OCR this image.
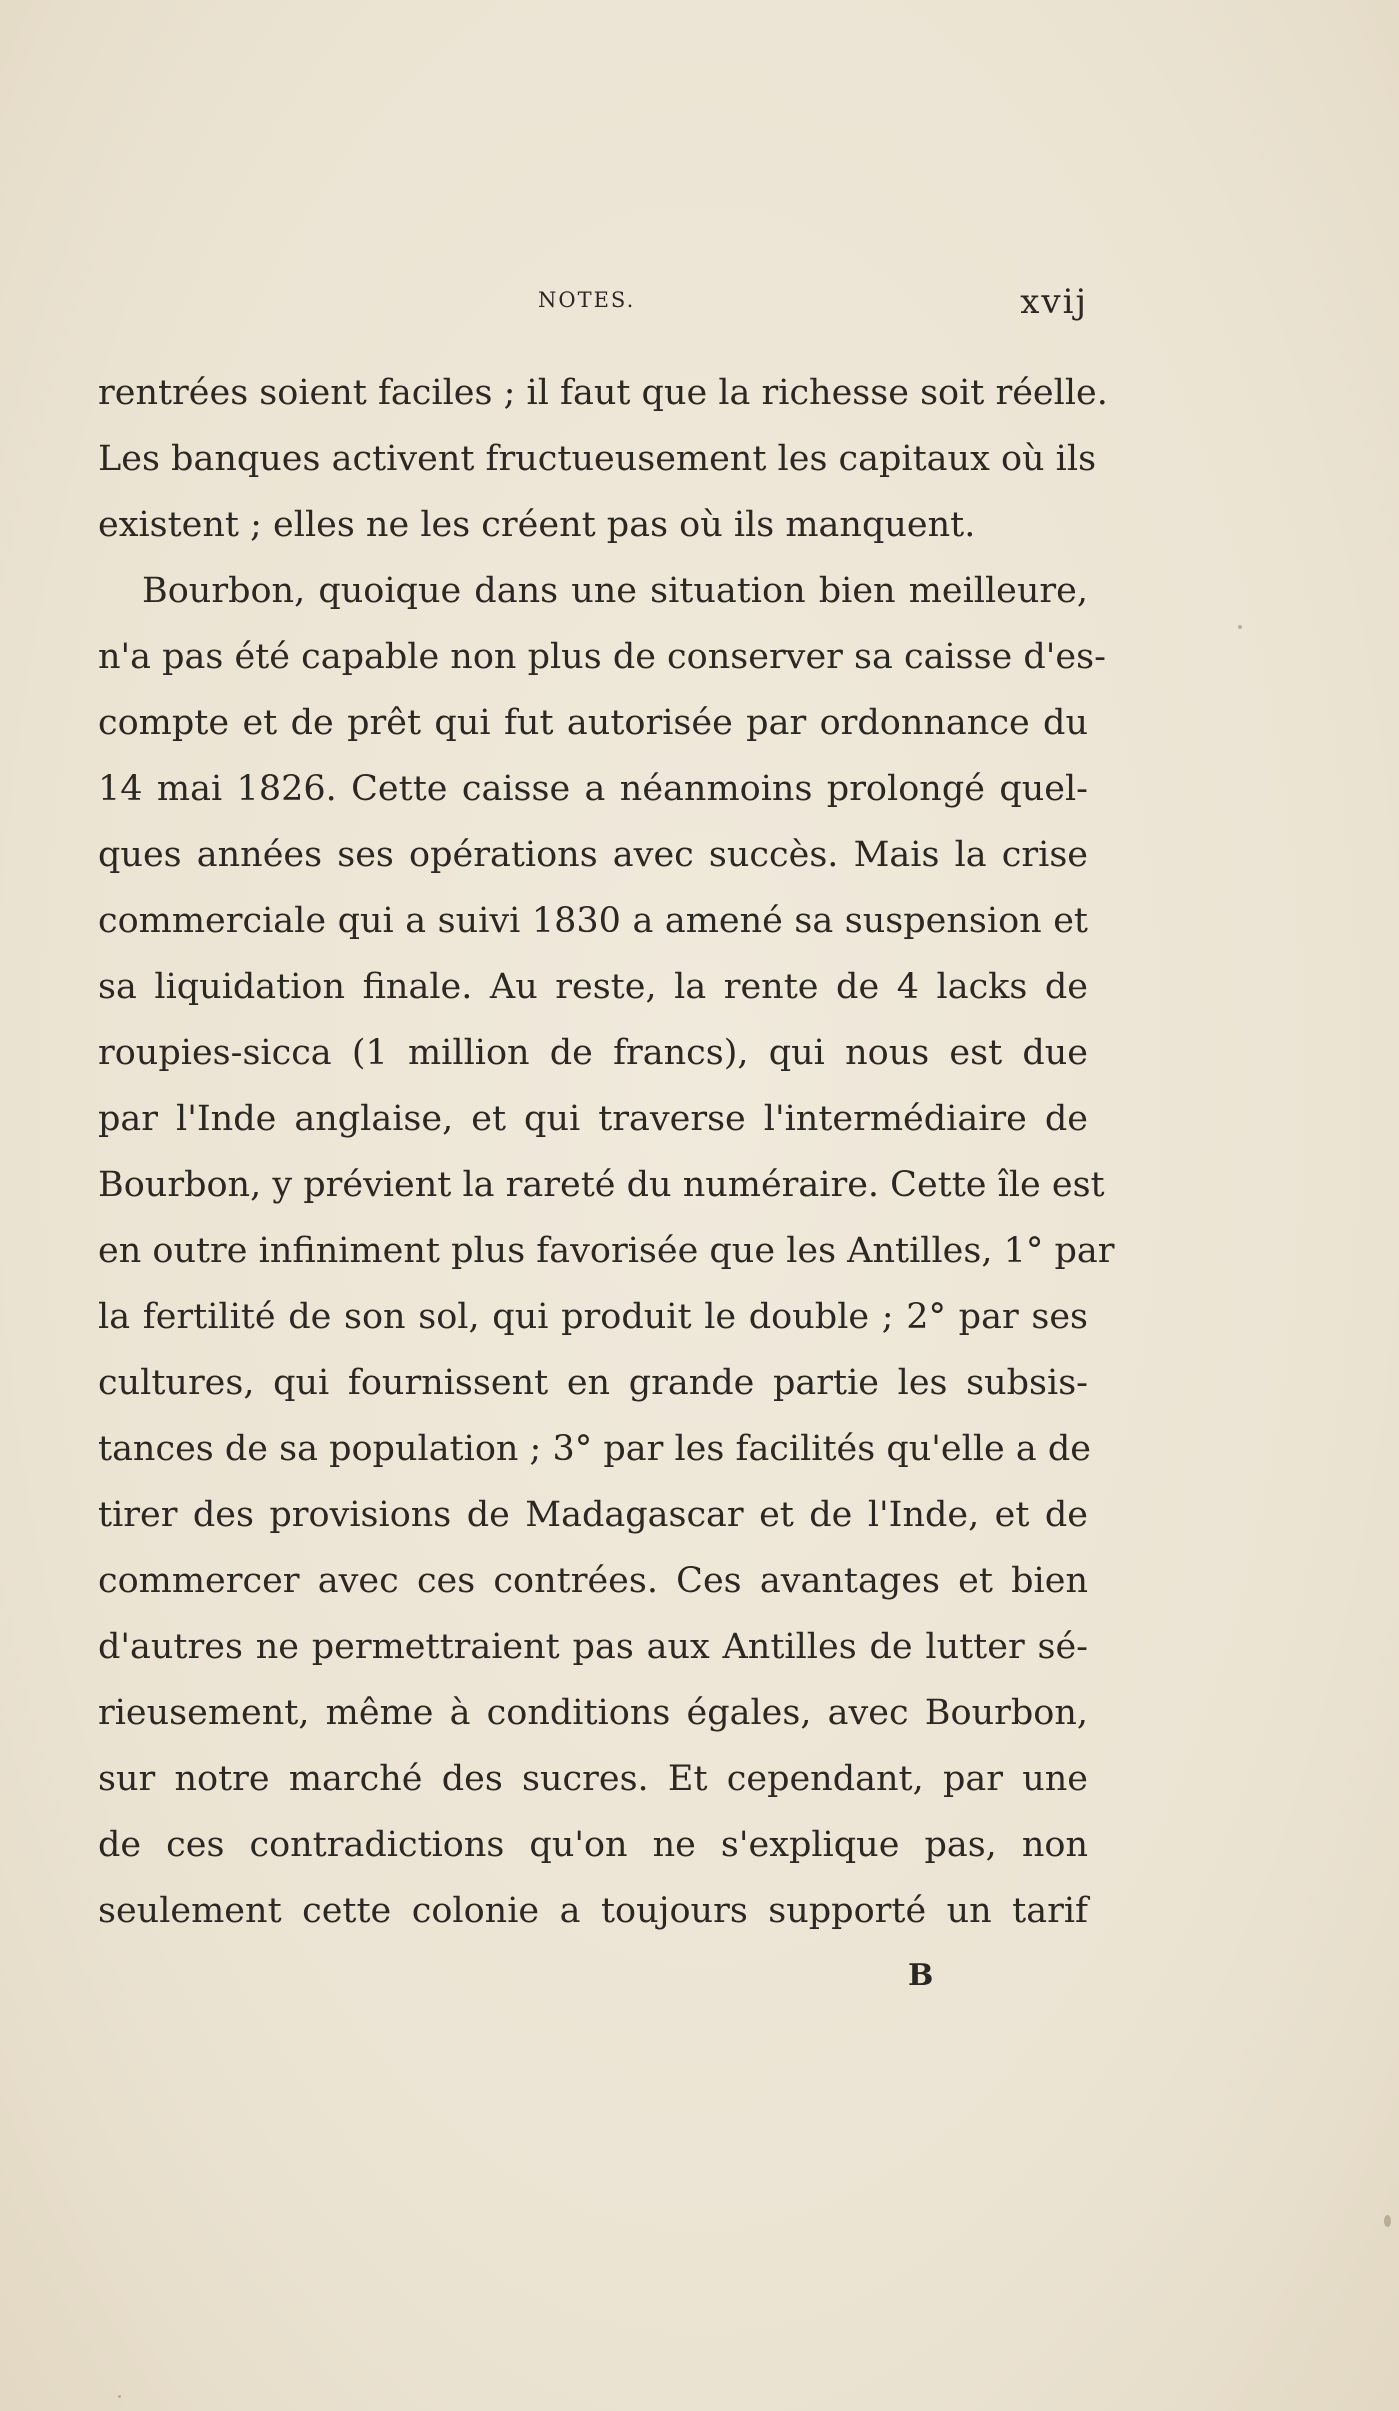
NOTES.	xvij
rentrées soient faciles ; il faut que la richesse soit réelle.
Les banques activent fructueusement les capitaux où ils
existent ; elles ne les créent pas où ils manquent.
Bourbon, quoique dans une situation bien meilleure,
n'a pas été capable non plus de conserver sa caisse d'es-
compte et de prêt qui fut autorisée par ordonnance du
14 mai 1826. Cette caisse a néanmoins prolongé quel-
ques années ses opérations avec succès. Mais la crise
commerciale qui a suivi 1830 a amené sa suspension et
sa liquidation finale. Au reste, la rente de 4 lacks de
roupies-sicca (1 million de francs), qui nous est due
par l'Inde anglaise, et qui traverse l'intermédiaire de
Bourbon, y prévient la rareté du numéraire. Cette île est
en outre infiniment plus favorisée que les Antilles, 1° par
la fertilité de son sol, qui produit le double ; 2° par ses
cultures, qui fournissent en grande partie les subsis-
tances de sa population ; 3° par les facilités qu'elle a de
tirer des provisions de Madagascar et de l'Inde, et de
commercer avec ces contrées. Ces avantages et bien
d'autres ne permettraient pas aux Antilles de lutter sé-
rieusement, même à conditions égales, avec Bourbon,
sur notre marché des sucres. Et cependant, par une
de ces contradictions qu'on ne s'explique pas, non
seulement cette colonie a toujours supporté un tarif
B
